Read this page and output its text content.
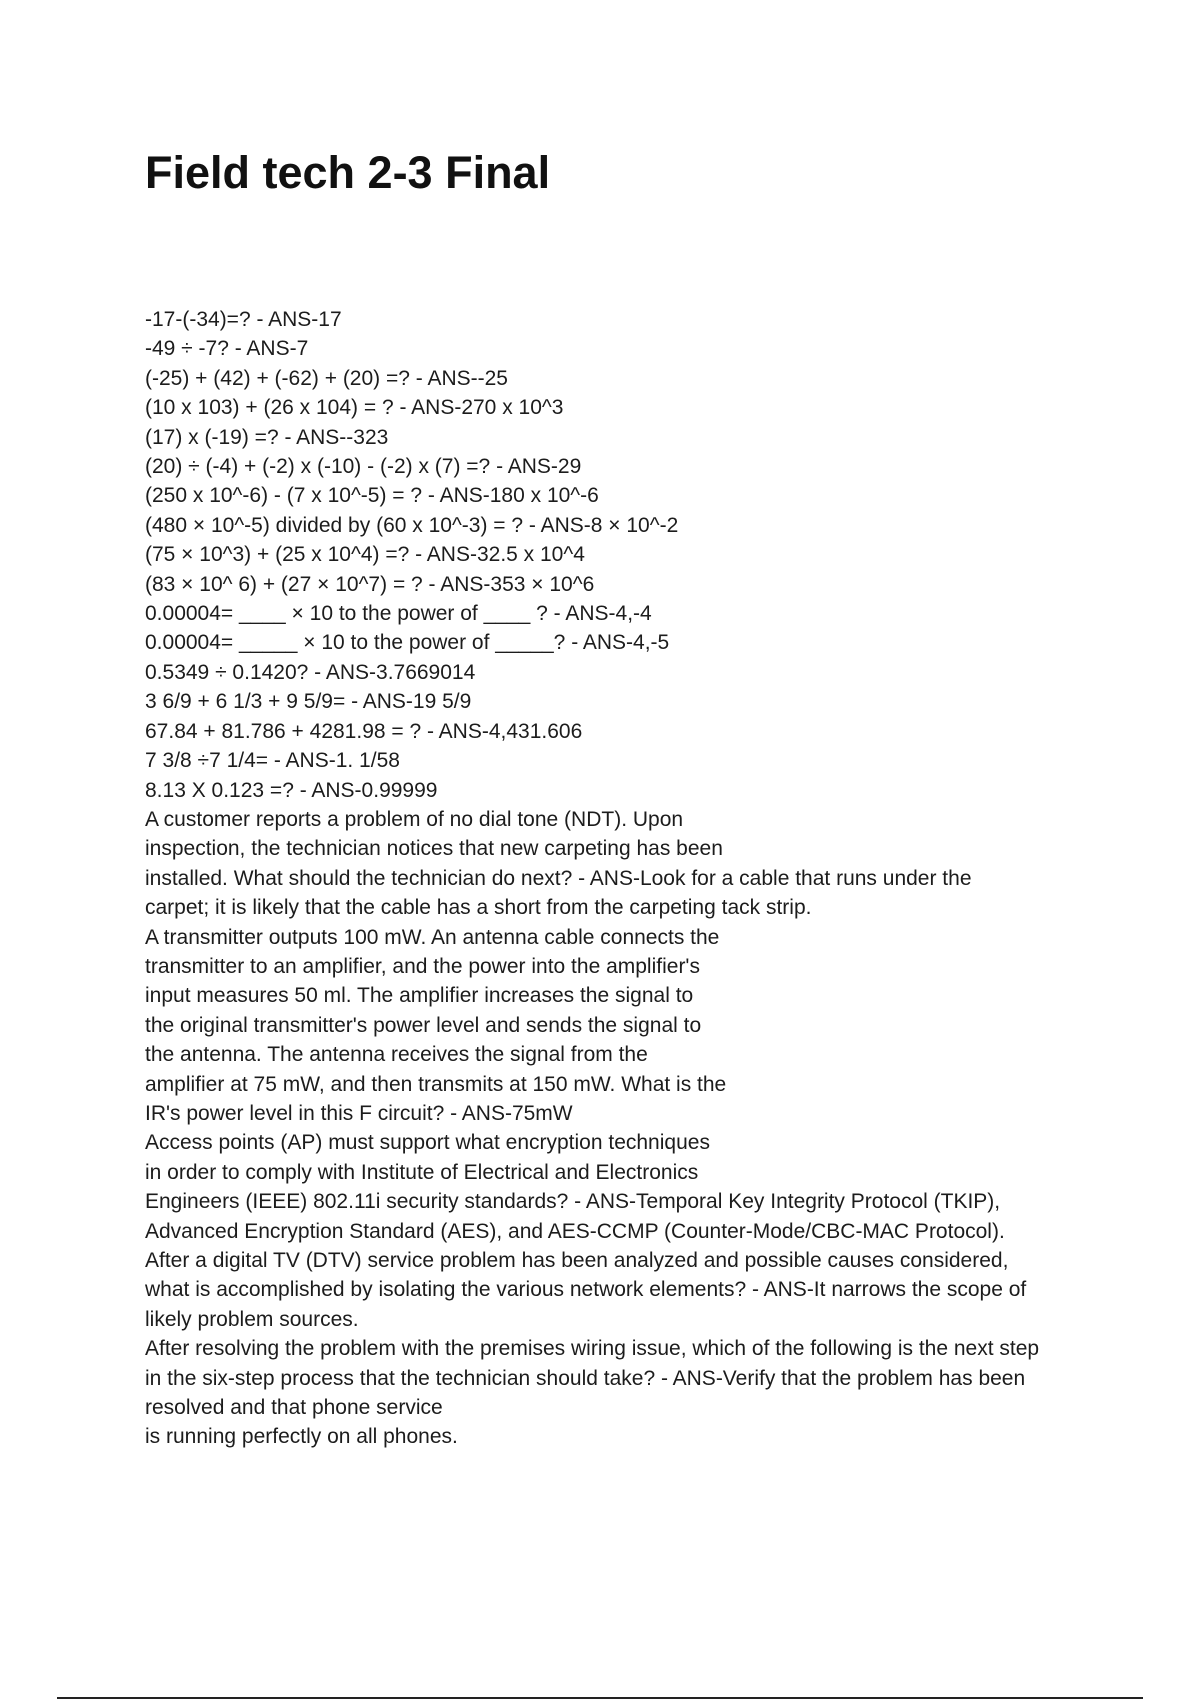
Field tech 2-3 Final
-17-(-34)=? - ANS-17
-49 ÷ -7? - ANS-7
(-25) + (42) + (-62) + (20) =? - ANS--25
(10 x 103) + (26 x 104) = ? - ANS-270 x 10^3
(17) x (-19) =? - ANS--323
(20) ÷ (-4) + (-2) x (-10) - (-2) x (7) =? - ANS-29
(250 x 10^-6) - (7 x 10^-5) = ? - ANS-180 x 10^-6
(480 × 10^-5) divided by (60 x 10^-3) = ? - ANS-8 × 10^-2
(75 × 10^3) + (25 x 10^4) =? - ANS-32.5 x 10^4
(83 × 10^ 6) + (27 × 10^7) = ? - ANS-353 × 10^6
0.00004= ____ × 10 to the power of ____ ? - ANS-4,-4
0.00004= _____ × 10 to the power of _____? - ANS-4,-5
0.5349 ÷ 0.1420? - ANS-3.7669014
3 6/9 + 6 1/3 + 9 5/9= - ANS-19 5/9
67.84 + 81.786 + 4281.98 = ? - ANS-4,431.606
7 3/8 ÷7 1/4= - ANS-1. 1/58
8.13 X 0.123 =? - ANS-0.99999
A customer reports a problem of no dial tone (NDT). Upon
inspection, the technician notices that new carpeting has been
installed. What should the technician do next? - ANS-Look for a cable that runs under the
carpet; it is likely that the cable has a short from the carpeting tack strip.
A transmitter outputs 100 mW. An antenna cable connects the
transmitter to an amplifier, and the power into the amplifier's
input measures 50 ml. The amplifier increases the signal to
the original transmitter's power level and sends the signal to
the antenna. The antenna receives the signal from the
amplifier at 75 mW, and then transmits at 150 mW. What is the
IR's power level in this F circuit? - ANS-75mW
Access points (AP) must support what encryption techniques
in order to comply with Institute of Electrical and Electronics
Engineers (IEEE) 802.11i security standards? - ANS-Temporal Key Integrity Protocol (TKIP),
Advanced Encryption Standard (AES), and AES-CCMP (Counter-Mode/CBC-MAC Protocol).
After a digital TV (DTV) service problem has been analyzed and possible causes considered,
what is accomplished by isolating the various network elements? - ANS-It narrows the scope of
likely problem sources.
After resolving the problem with the premises wiring issue, which of the following is the next step
in the six-step process that the technician should take? - ANS-Verify that the problem has been
resolved and that phone service
is running perfectly on all phones.
